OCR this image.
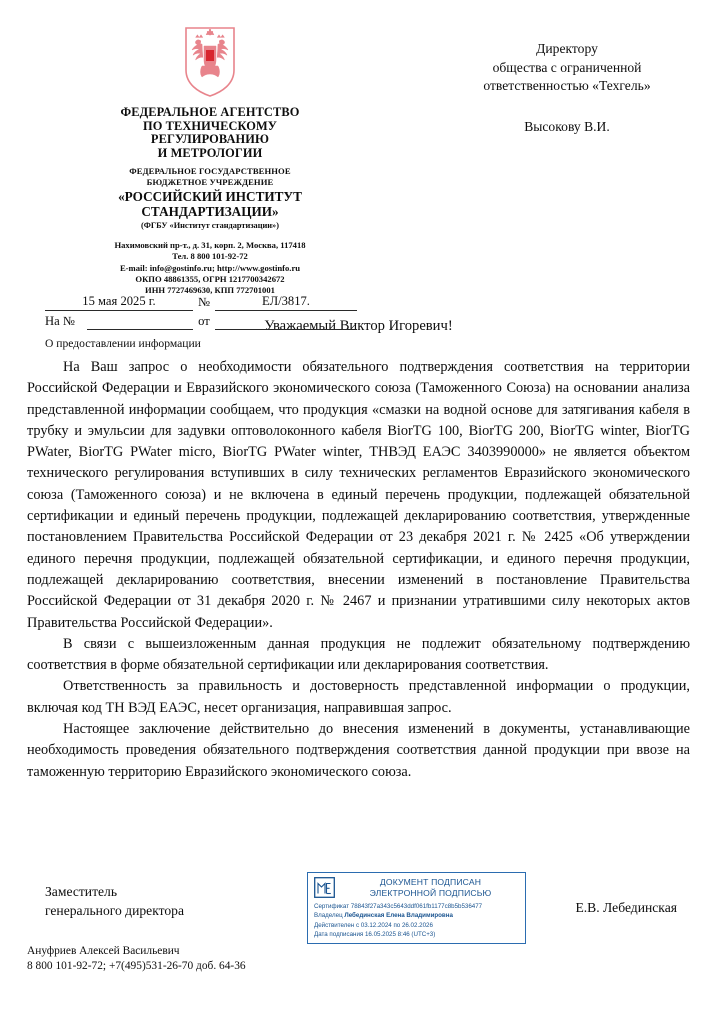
ФЕДЕРАЛЬНОЕ АГЕНТСТВО
ПО ТЕХНИЧЕСКОМУ
РЕГУЛИРОВАНИЮ
И МЕТРОЛОГИИ
ФЕДЕРАЛЬНОЕ ГОСУДАРСТВЕННОЕ
БЮДЖЕТНОЕ УЧРЕЖДЕНИЕ
«РОССИЙСКИЙ ИНСТИТУТ
СТАНДАРТИЗАЦИИ»
(ФГБУ «Институт стандартизации»)
Нахимовский пр-т., д. 31, корп. 2, Москва, 117418
Тел. 8 800 101-92-72
E-mail: info@gostinfo.ru; http://www.gostinfo.ru
ОКПО 48861355, ОГРН 1217700342672
ИНН 7727469630, КПП 772701001
15 мая 2025 г.	№	ЕЛ/3817.
На №	от
Директору
общества с ограниченной
ответственностью «Техгель»
Высокову В.И.
О предоставлении информации
Уважаемый Виктор Игоревич!

На Ваш запрос о необходимости обязательного подтверждения соответствия на территории Российской Федерации и Евразийского экономического союза (Таможенного Союза) на основании анализа представленной информации сообщаем, что продукция «смазки на водной основе для затягивания кабеля в трубку и эмульсии для задувки оптоволоконного кабеля BiorTG 100, BiorTG 200, BiorTG winter, BiorTG PWater, BiorTG PWater micro, BiorTG PWater winter, ТНВЭД ЕАЭС 3403990000» не является объектом технического регулирования вступивших в силу технических регламентов Евразийского экономического союза (Таможенного союза) и не включена в единый перечень продукции, подлежащей обязательной сертификации и единый перечень продукции, подлежащей декларированию соответствия, утвержденные постановлением Правительства Российской Федерации от 23 декабря 2021 г. № 2425 «Об утверждении единого перечня продукции, подлежащей обязательной сертификации, и единого перечня продукции, подлежащей декларированию соответствия, внесении изменений в постановление Правительства Российской Федерации от 31 декабря 2020 г. № 2467 и признании утратившими силу некоторых актов Правительства Российской Федерации».

В связи с вышеизложенным данная продукция не подлежит обязательному подтверждению соответствия в форме обязательной сертификации или декларирования соответствия.

Ответственность за правильность и достоверность представленной информации о продукции, включая код ТН ВЭД ЕАЭС, несет организация, направившая запрос.

Настоящее заключение действительно до внесения изменений в документы, устанавливающие необходимость проведения обязательного подтверждения соответствия данной продукции при ввозе на таможенную территорию Евразийского экономического союза.

Заместитель
генерального директора
ДОКУМЕНТ ПОДПИСАН
ЭЛЕКТРОННОЙ ПОДПИСЬЮ
Сертификат 78843f27a343c5643ddf061fb1177c8b5b536477
Владелец Лебединская Елена Владимировна
Действителен с 03.12.2024 по 26.02.2026
Дата подписания 16.05.2025 8:46 (UTC+3)
Е.В. Лебединская
Ануфриев Алексей Васильевич
8 800 101-92-72; +7(495)531-26-70 доб. 64-36
